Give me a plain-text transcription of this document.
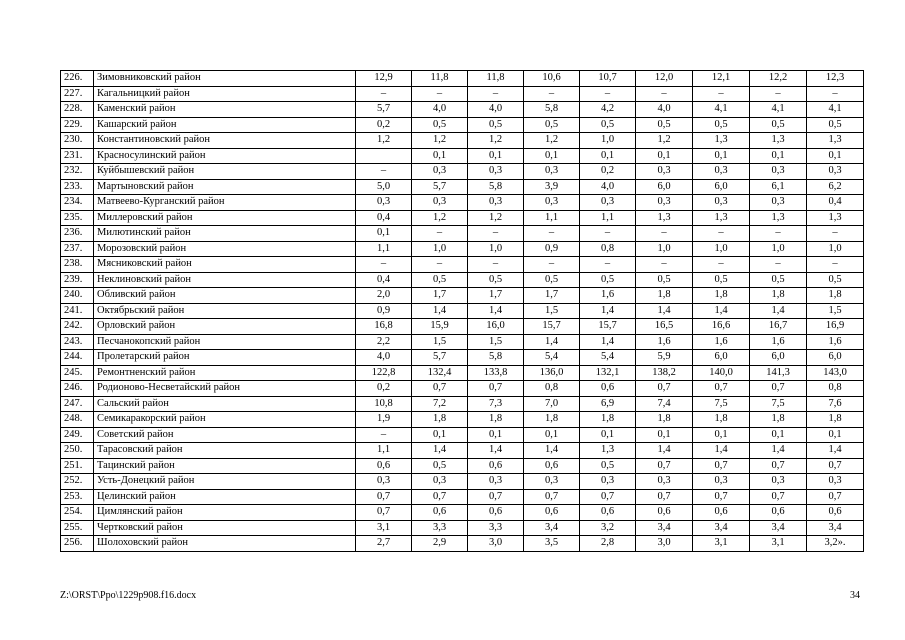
226.	Зимовниковский район	12,9	11,8	11,8	10,6	10,7	12,0	12,1	12,2	12,3
227.	Кагальницкий район	–	–	–	–	–	–	–	–	–
228.	Каменский район	5,7	4,0	4,0	5,8	4,2	4,0	4,1	4,1	4,1
229.	Кашарский район	0,2	0,5	0,5	0,5	0,5	0,5	0,5	0,5	0,5
230.	Константиновский район	1,2	1,2	1,2	1,2	1,0	1,2	1,3	1,3	1,3
231.	Красносулинский район		0,1	0,1	0,1	0,1	0,1	0,1	0,1	0,1
232.	Куйбышевский район	–	0,3	0,3	0,3	0,2	0,3	0,3	0,3	0,3
233.	Мартыновский район	5,0	5,7	5,8	3,9	4,0	6,0	6,0	6,1	6,2
234.	Матвеево-Курганский район	0,3	0,3	0,3	0,3	0,3	0,3	0,3	0,3	0,4
235.	Миллеровский район	0,4	1,2	1,2	1,1	1,1	1,3	1,3	1,3	1,3
236.	Милютинский район	0,1	–	–	–	–	–	–	–	–
237.	Морозовский район	1,1	1,0	1,0	0,9	0,8	1,0	1,0	1,0	1,0
238.	Мясниковский район	–	–	–	–	–	–	–	–	–
239.	Неклиновский район	0,4	0,5	0,5	0,5	0,5	0,5	0,5	0,5	0,5
240.	Обливский район	2,0	1,7	1,7	1,7	1,6	1,8	1,8	1,8	1,8
241.	Октябрьский район	0,9	1,4	1,4	1,5	1,4	1,4	1,4	1,4	1,5
242.	Орловский район	16,8	15,9	16,0	15,7	15,7	16,5	16,6	16,7	16,9
243.	Песчанокопский район	2,2	1,5	1,5	1,4	1,4	1,6	1,6	1,6	1,6
244.	Пролетарский район	4,0	5,7	5,8	5,4	5,4	5,9	6,0	6,0	6,0
245.	Ремонтненский район	122,8	132,4	133,8	136,0	132,1	138,2	140,0	141,3	143,0
246.	Родионово-Несветайский район	0,2	0,7	0,7	0,8	0,6	0,7	0,7	0,7	0,8
247.	Сальский район	10,8	7,2	7,3	7,0	6,9	7,4	7,5	7,5	7,6
248.	Семикаракорский район	1,9	1,8	1,8	1,8	1,8	1,8	1,8	1,8	1,8
249.	Советский район	–	0,1	0,1	0,1	0,1	0,1	0,1	0,1	0,1
250.	Тарасовский район	1,1	1,4	1,4	1,4	1,3	1,4	1,4	1,4	1,4
251.	Тацинский район	0,6	0,5	0,6	0,6	0,5	0,7	0,7	0,7	0,7
252.	Усть-Донецкий район	0,3	0,3	0,3	0,3	0,3	0,3	0,3	0,3	0,3
253.	Целинский район	0,7	0,7	0,7	0,7	0,7	0,7	0,7	0,7	0,7
254.	Цимлянский район	0,7	0,6	0,6	0,6	0,6	0,6	0,6	0,6	0,6
255.	Чертковский район	3,1	3,3	3,3	3,4	3,2	3,4	3,4	3,4	3,4
256.	Шолоховский район	2,7	2,9	3,0	3,5	2,8	3,0	3,1	3,1	3,2».
Z:\ORST\Ppo\1229p908.f16.docx	34
